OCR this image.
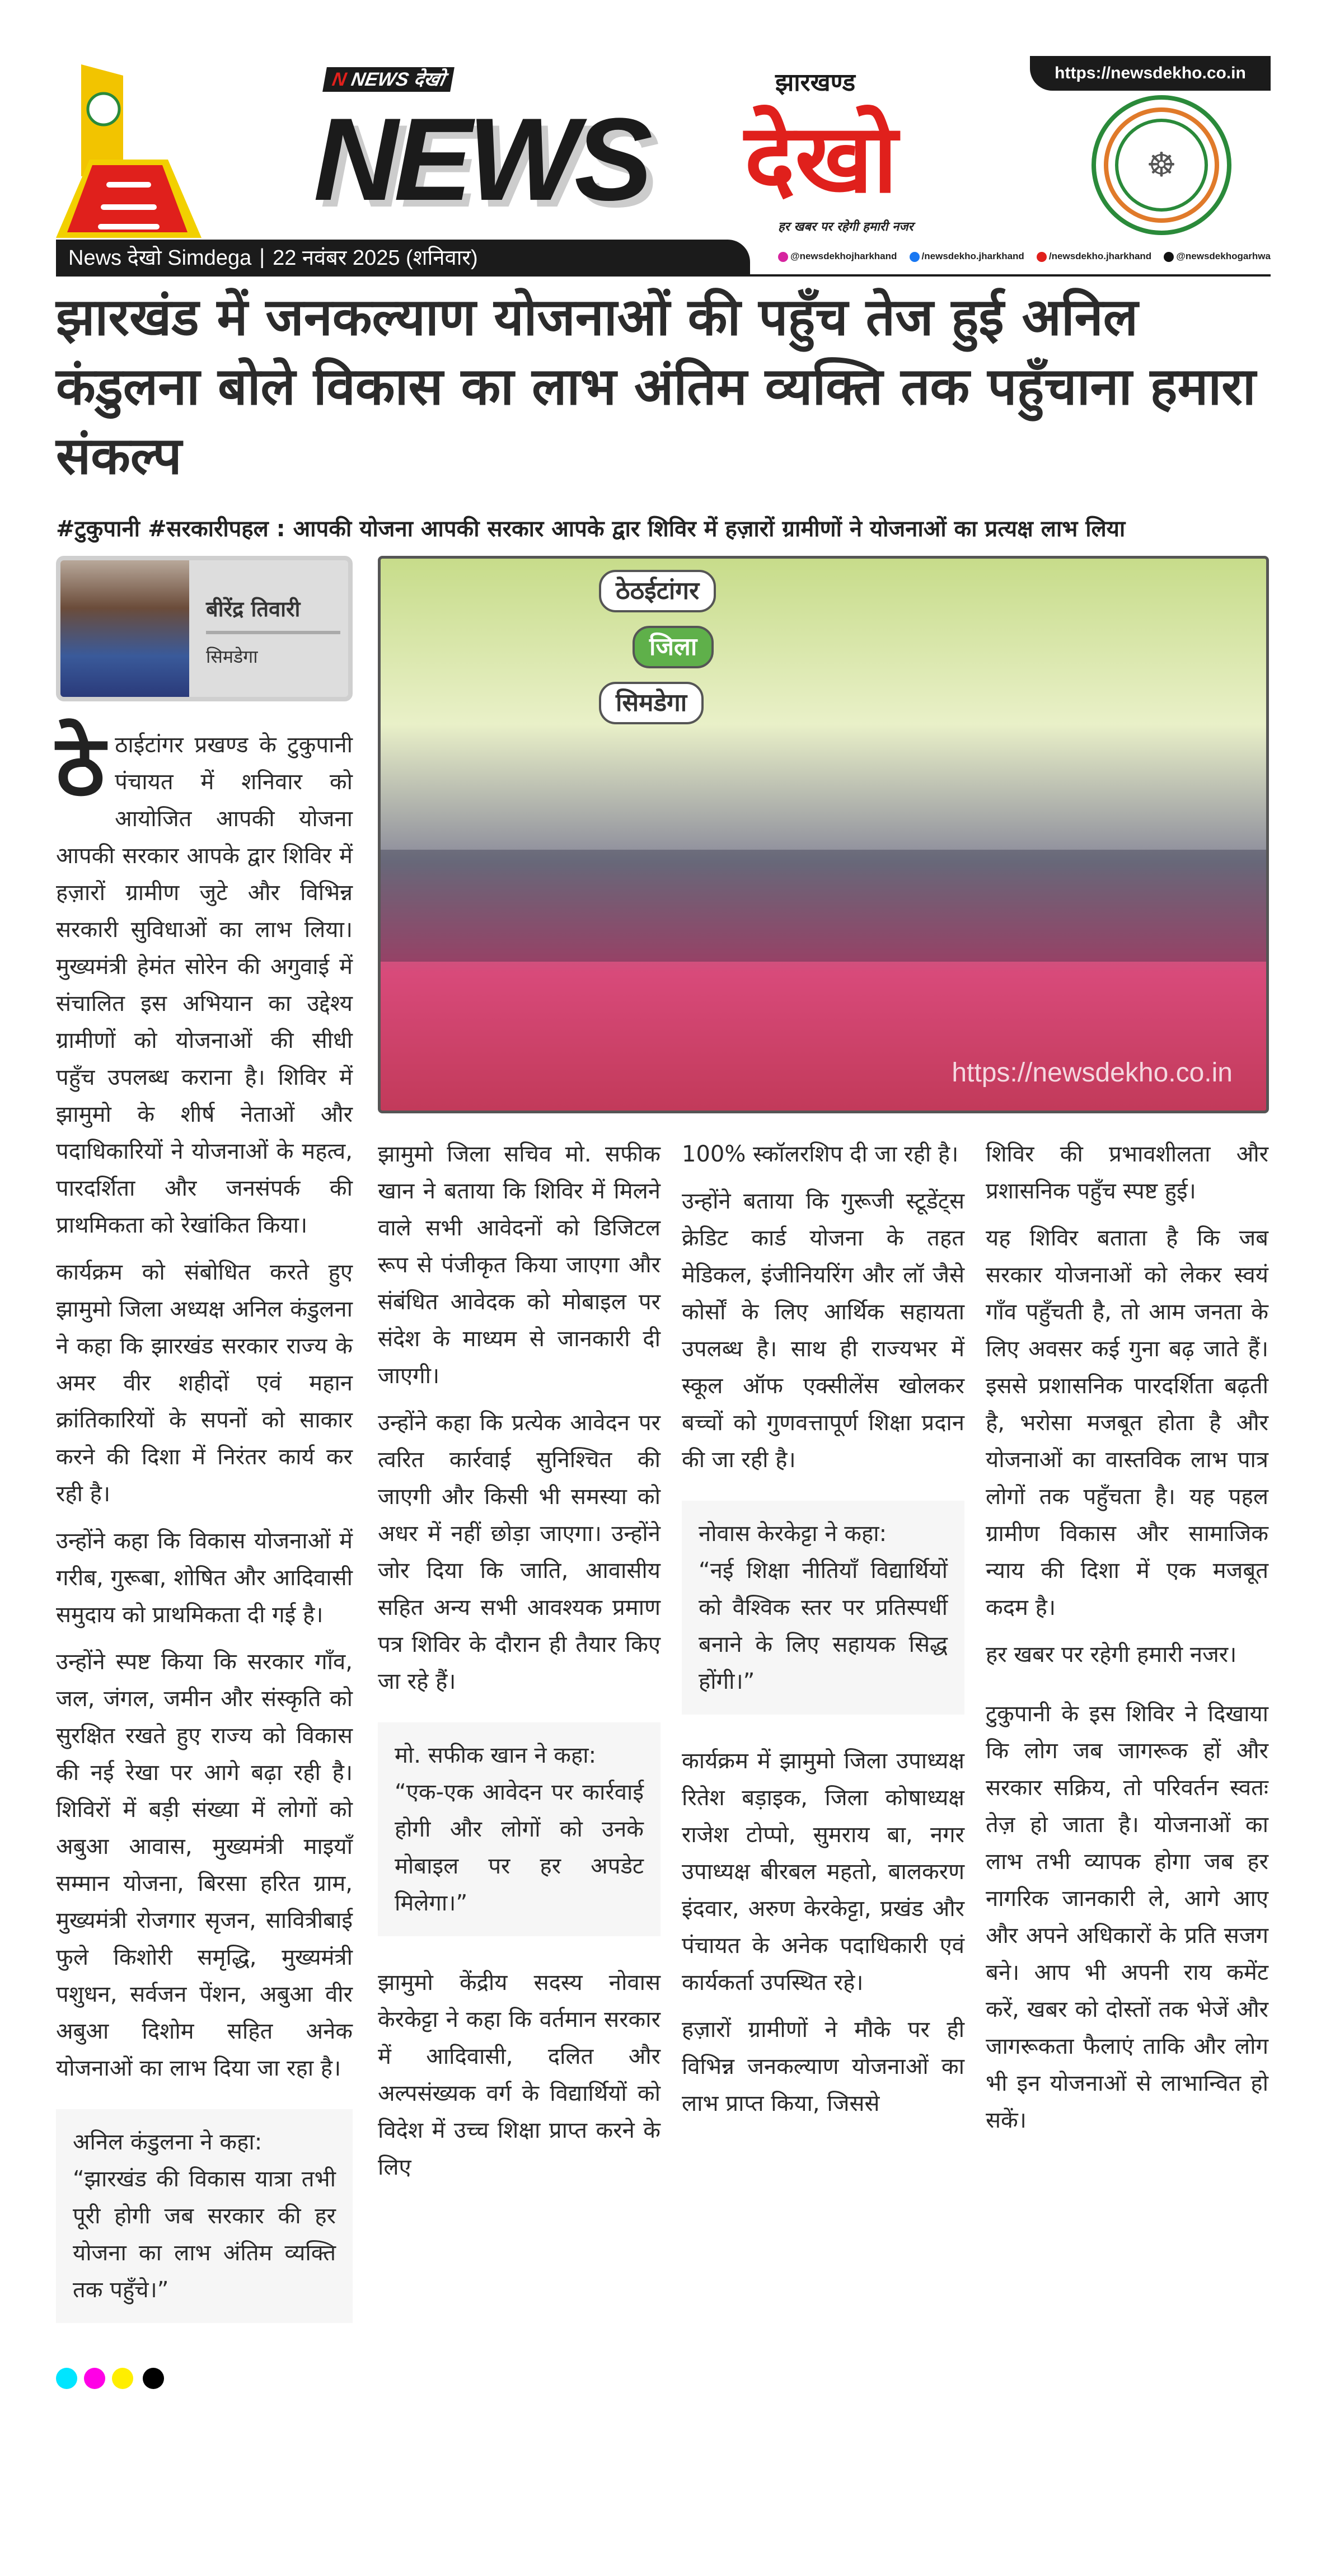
https://newsdekho.co.in
N NEWS देखो
NEWS
झारखण्ड
देखो
हर खबर पर रहेगी हमारी नजर
☸
News देखो Simdega | 22 नवंबर 2025 (शनिवार)	@newsdekhojharkhand	/newsdekho.jharkhand	/newsdekho.jharkhand	@newsdekhogarhwa
झारखंड में जनकल्याण योजनाओं की पहुँच तेज हुई अनिल कंडुलना बोले विकास का लाभ अंतिम व्यक्ति तक पहुँचाना हमारा संकल्प
#टुकुपानी #सरकारीपहल : आपकी योजना आपकी सरकार आपके द्वार शिविर में हज़ारों ग्रामीणों ने योजनाओं का प्रत्यक्ष लाभ लिया
बीरेंद्र तिवारी
सिमडेगा

ठेठाईटांगर प्रखण्ड के टुकुपानी पंचायत में शनिवार को आयोजित आपकी योजना आपकी सरकार आपके द्वार शिविर में हज़ारों ग्रामीण जुटे और विभिन्न सरकारी सुविधाओं का लाभ लिया। मुख्यमंत्री हेमंत सोरेन की अगुवाई में संचालित इस अभियान का उद्देश्य ग्रामीणों को योजनाओं की सीधी पहुँच उपलब्ध कराना है। शिविर में झामुमो के शीर्ष नेताओं और पदाधिकारियों ने योजनाओं के महत्व, पारदर्शिता और जनसंपर्क की प्राथमिकता को रेखांकित किया।

कार्यक्रम को संबोधित करते हुए झामुमो जिला अध्यक्ष अनिल कंडुलना ने कहा कि झारखंड सरकार राज्य के अमर वीर शहीदों एवं महान क्रांतिकारियों के सपनों को साकार करने की दिशा में निरंतर कार्य कर रही है।

उन्होंने कहा कि विकास योजनाओं में गरीब, गुरूबा, शोषित और आदिवासी समुदाय को प्राथमिकता दी गई है।

उन्होंने स्पष्ट किया कि सरकार गाँव, जल, जंगल, जमीन और संस्कृति को सुरक्षित रखते हुए राज्य को विकास की नई रेखा पर आगे बढ़ा रही है। शिविरों में बड़ी संख्या में लोगों को अबुआ आवास, मुख्यमंत्री माइयाँ सम्मान योजना, बिरसा हरित ग्राम, मुख्यमंत्री रोजगार सृजन, सावित्रीबाई फुले किशोरी समृद्धि, मुख्यमंत्री पशुधन, सर्वजन पेंशन, अबुआ वीर अबुआ दिशोम सहित अनेक योजनाओं का लाभ दिया जा रहा है।

अनिल कंडुलना ने कहा:
“झारखंड की विकास यात्रा तभी पूरी होगी जब सरकार की हर योजना का लाभ अंतिम व्यक्ति तक पहुँचे।”
ठेठईटांगर
जिला
सिमडेगा
https://newsdekho.co.in

झामुमो जिला सचिव मो. सफीक खान ने बताया कि शिविर में मिलने वाले सभी आवेदनों को डिजिटल रूप से पंजीकृत किया जाएगा और संबंधित आवेदक को मोबाइल पर संदेश के माध्यम से जानकारी दी जाएगी।

उन्होंने कहा कि प्रत्येक आवेदन पर त्वरित कार्रवाई सुनिश्चित की जाएगी और किसी भी समस्या को अधर में नहीं छोड़ा जाएगा। उन्होंने जोर दिया कि जाति, आवासीय सहित अन्य सभी आवश्यक प्रमाण पत्र शिविर के दौरान ही तैयार किए जा रहे हैं।

मो. सफीक खान ने कहा:
“एक-एक आवेदन पर कार्रवाई होगी और लोगों को उनके मोबाइल पर हर अपडेट मिलेगा।”

झामुमो केंद्रीय सदस्य नोवास केरकेट्टा ने कहा कि वर्तमान सरकार में आदिवासी, दलित और अल्पसंख्यक वर्ग के विद्यार्थियों को विदेश में उच्च शिक्षा प्राप्त करने के लिए

100% स्कॉलरशिप दी जा रही है।

उन्होंने बताया कि गुरूजी स्टूडेंट्स क्रेडिट कार्ड योजना के तहत मेडिकल, इंजीनियरिंग और लॉ जैसे कोर्सों के लिए आर्थिक सहायता उपलब्ध है। साथ ही राज्यभर में स्कूल ऑफ एक्सीलेंस खोलकर बच्चों को गुणवत्तापूर्ण शिक्षा प्रदान की जा रही है।

नोवास केरकेट्टा ने कहा:
“नई शिक्षा नीतियाँ विद्यार्थियों को वैश्विक स्तर पर प्रतिस्पर्धी बनाने के लिए सहायक सिद्ध होंगी।”

कार्यक्रम में झामुमो जिला उपाध्यक्ष रितेश बड़ाइक, जिला कोषाध्यक्ष राजेश टोप्पो, सुमराय बा, नगर उपाध्यक्ष बीरबल महतो, बालकरण इंदवार, अरुण केरकेट्टा, प्रखंड और पंचायत के अनेक पदाधिकारी एवं कार्यकर्ता उपस्थित रहे।

हज़ारों ग्रामीणों ने मौके पर ही विभिन्न जनकल्याण योजनाओं का लाभ प्राप्त किया, जिससे

शिविर की प्रभावशीलता और प्रशासनिक पहुँच स्पष्ट हुई।

यह शिविर बताता है कि जब सरकार योजनाओं को लेकर स्वयं गाँव पहुँचती है, तो आम जनता के लिए अवसर कई गुना बढ़ जाते हैं। इससे प्रशासनिक पारदर्शिता बढ़ती है, भरोसा मजबूत होता है और योजनाओं का वास्तविक लाभ पात्र लोगों तक पहुँचता है। यह पहल ग्रामीण विकास और सामाजिक न्याय की दिशा में एक मजबूत कदम है।

हर खबर पर रहेगी हमारी नजर।

टुकुपानी के इस शिविर ने दिखाया कि लोग जब जागरूक हों और सरकार सक्रिय, तो परिवर्तन स्वतः तेज़ हो जाता है। योजनाओं का लाभ तभी व्यापक होगा जब हर नागरिक जानकारी ले, आगे आए और अपने अधिकारों के प्रति सजग बने। आप भी अपनी राय कमेंट करें, खबर को दोस्तों तक भेजें और जागरूकता फैलाएं ताकि और लोग भी इन योजनाओं से लाभान्वित हो सकें।
